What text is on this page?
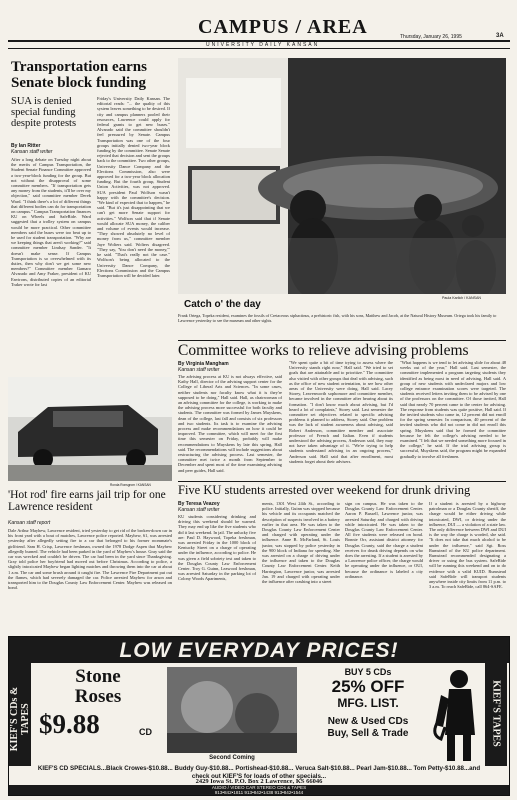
CAMPUS / AREA	Thursday, January 26, 1995	3A
UNIVERSITY DAILY KANSAN
Transportation earns Senate block funding
SUA is denied special funding despite protests
By Ian Ritter
Kansan staff writer
After a long debate on Tuesday night about the merits of Campus Transportation, the Student Senate Finance Committee approved a two-year-block funding for the group. But not without the disapproval of some committee members. "If transportation gets any money from the students, it'll be over my objection," said committee member Derek Ward. "I think there's a lot of different things that different bodies can do for transportation on campus." Campus Transportation finances KU on Wheels and SafeRide. Ward suggested that a trolley system on campus would be more practical. Other committee members said the buses were too beat up to be used for student transportation. "Why are we keeping things that aren't working?" said committee member Lindsay Sander. "It doesn't make sense. If Campus Transportation is so overwhelmed with its duties, then why don't we get some new members?" Committee member Gamaro Alvarado and Amy Fraker, president of KU Environs, distributed copies of an editorial Traker wrote for last
Friday's University Daily Kansan. The editorial reads: "... the quality of this system leaves something to be desired. If city and campus planners pooled their resources, Lawrence could apply for federal grants to get new buses." Alvarado said the committee shouldn't feel pressured by Senate. Campus Transportation was one of the four groups initially denied two-year block funding by the committee. Senate Senate rejected that decision and sent the groups back to the committee. Two other groups, University Dance Company and the Elections Commission, also were approved for a two-year block allocation funding. But the fourth group, Student Union Activities, was not approved. SUA president Paul Wolfson wasn't happy with the committee's decision. "We kind of expected that to happen," he said. "But it's just disappointing that we can't get more Senate support for activities." Wolfson said that if Senate would allocate SUA money, the caliber and volume of events would increase. "They showed absolutely no level of money from us," committee member Jaye Wolters said. Wolters disagreed. "They say, 'You don't need the money,'" he said. "That's really not the case." Wolfson's being allocated to the University Dance Company, the Elections Commission and the Campus Transportation will be decided later.
Paula Karlich / KANSAN
Catch o' the day
Frank Ortega, Topeka resident, examines the fossils of Cretaceous xiphactinus, a prehistoric fish, with his sons, Matthew and Jacob, at the Natural History Museum. Ortega took his family to Lawrence yesterday to see the museum and other sights.
Committee works to relieve advising problems
By Virginia Mangham
Kansan staff writer
The advising process at KU is not always effective, said Kathy Hall, director of the advising support center for the College of Liberal Arts and Sciences. "In some cases, neither students nor faculty know what it is they're supposed to be doing," Hall said. Hall, as chairwoman of an advising committee for the college, is working to make the advising process more successful for both faculty and students. The committee was formed by James Muyskens, dean of the college, last fall and consists of six professors and two students. Its task is to examine the advising process and make recommendations on how it could be improved. The committee, which will meet for the first time this semester on Friday, probably will make recommendations to Muyskens by late this spring, Hall said. The recommendations will include suggestions about restructuring the advising process. Last semester, the committee met twice a month from September to December and spent most of the time examining advising and peer guides, Hall said.
"We spent quite a bit of time trying to assess where the University stands right now," Hall said. "We tried to set goals that are attainable and to prioritize." The committee also visited with other groups that deal with advising, such as the office of new student orientation, to see how other areas of the University were doing, Hall said. Lacey Storey, Leavenworth sophomore and committee member, became involved in the committee after hearing about its formation. "I don't know much about advising, but I'd heard a lot of complaints," Storey said. Last semester the committee set objectives related to specific advising problems it planned to address, Storey said. One problem was the lack of student awareness about advising, said Robert Anderson, committee member and associate professor of French and Italian. Even if students understood the advising process, Anderson said, they may not have taken advantage of it. "We're trying to help students understand advising in an ongoing process," Anderson said. Hall said that after enrollment, most students forget about their advisers.
"What happens is we tend to let advising slide for about 48 weeks out of the year," Hall said. Last semester, the committee implemented a program targeting students they identified as being most in need of advising, Hall said. A group of new students with undeclared majors and low college entrance examination scores were targeted. The students received letters inviting them to be advised by one of the professors on the committee. Of those invited, Hall said that nearly 70 percent came to the center for advising. The response from students was quite positive, Hall said. If the invited students who came in, 12 percent did not enroll for the spring semester. In comparison, 40 percent of the invited students who did not come in did not enroll this spring. Muyskens said that he formed the committee because he felt the college's advising needed to be examined. "I felt that we needed something more focused in the college," he said. If the trial advising group is successful, Muyskens said, the program might be expanded gradually to involve all freshmen.
Ronda Ronsgrom / KANSAN
'Hot rod' fire earns jail trip for one Lawrence resident
Kansan staff report
Dale Arthur Mayhew, Lawrence resident, tried yesterday to get rid of the broken-down car in his front yard with a bout of matches, Lawrence police reported. Mayhew, 61, was arrested yesterday after allegedly setting fire to a car that belonged to his former roommate's girlfriend. Sam H. Crisp, Lawrence freshman, owned the 1978 Dodge Aspen that Mayhew allegedly burned. The vehicle had been parked in the yard of Mayhew's house. Gray said the car was wrecked and couldn't be driven. The car had been in the yard since Thanksgiving. Gray told police her boyfriend had moved out before Christmas. According to police, a slightly intoxicated Mayhew began lighting matches and throwing them into the car at about 1 a.m. The car and some brush around it caught fire. The Lawrence Fire Department put out the flames, which had severely damaged the car. Police arrested Mayhew for arson and transported him to the Douglas County Law Enforcement Center. Mayhew was released on bond.
Five KU students arrested over weekend for drunk driving
By Teresa Veazey
Kansan staff writer
KU students considering drinking and driving this weekend should be warned. They may end up like the five students who did it last weekend. In jail. The unlucky five are: Paul D. Haywood, Topeka freshman, was arrested Friday in the 1000 block of Kentucky Street on a charge of operating under the influence, according to police. He was given a field sobriety test and taken to the Douglas County Law Enforcement Center. Troy G. Guinn, Leawood freshman, was arrested Saturday in the parking lot of Colony Woods Apartments,
ments, 1301 West 24th St., according to police. Initially, Guinn was stopped because his vehicle and its occupants matched the description of suspects involved in a battery earlier in that area. He was taken to the Douglas County Law Enforcement Center and charged with operating under the influence. Anne B. McFarland, St. Louis junior, was stopped by police yesterday in the 900 block of Indiana for speeding. She was arrested on a charge of driving under the influence and taken to the Douglas County Law Enforcement Center. Keith Harrington, Lawrence junior, was arrested Jan. 19 and charged with operating under the influence after crashing into a street
sign on campus. He was taken to the Douglas County Law Enforcement Center. Aaron P. Bussell, Lawrence junior, was arrested Saturday and charged with driving while intoxicated. He was taken to the Douglas County Law Enforcement Center. All five students were released on bond. Bonnie Orr, assistant district attorney for Douglas County, said the charge a student receives for drunk driving depends on who does the arresting. If a student is arrested by a Lawrence police officer, the charge would be operating under the influence, or OUI, because the ordinance is labeled a city ordinance.
If a student is arrested by a highway patrolman or a Douglas County sheriff, the charge would be either driving while intoxicated, DWI, or driving under the influence, DUI — a violation of a state law. The only difference between DWI and DUI is the way the charge is worded, she said. "It does not take that much alcohol to be under the influence," said Sgt. Ross Rumstead of the KU police department. Rumstead recommended designating a driver or using the bus system. SafeRide will be running this weekend and on to do evidence with a valid KUID. Rumstead said SafeRide will transport students anywhere inside city limits from 11 p.m. to 3 a.m. To reach SafeRide, call 864-SAFE.
LOW EVERYDAY PRICES!
KIEF'S CDs & TAPES	KIEF'S TAPES
Stone
Roses
$9.88	CD
Second Coming
BUY 5 CDs
25% OFF
MFG. LIST.
New & Used CDs
Buy, Sell & Trade
KIEF'S CD SPECIALS...Black Crowes-$10.88... Buddy Guy-$10.88... Portishead-$10.88... Veruca Salt-$10.88... Pearl Jam-$10.88... Tom Petty-$10.88...and check out KIEF'S for loads of other specials...
2429 Iowa St. P.O. Box 2 Lawrence, KS 66046
AUDIO / VIDEO CAR STEREO CDs & TAPES
913•842•1811 913•842•1438 913•842•1544
